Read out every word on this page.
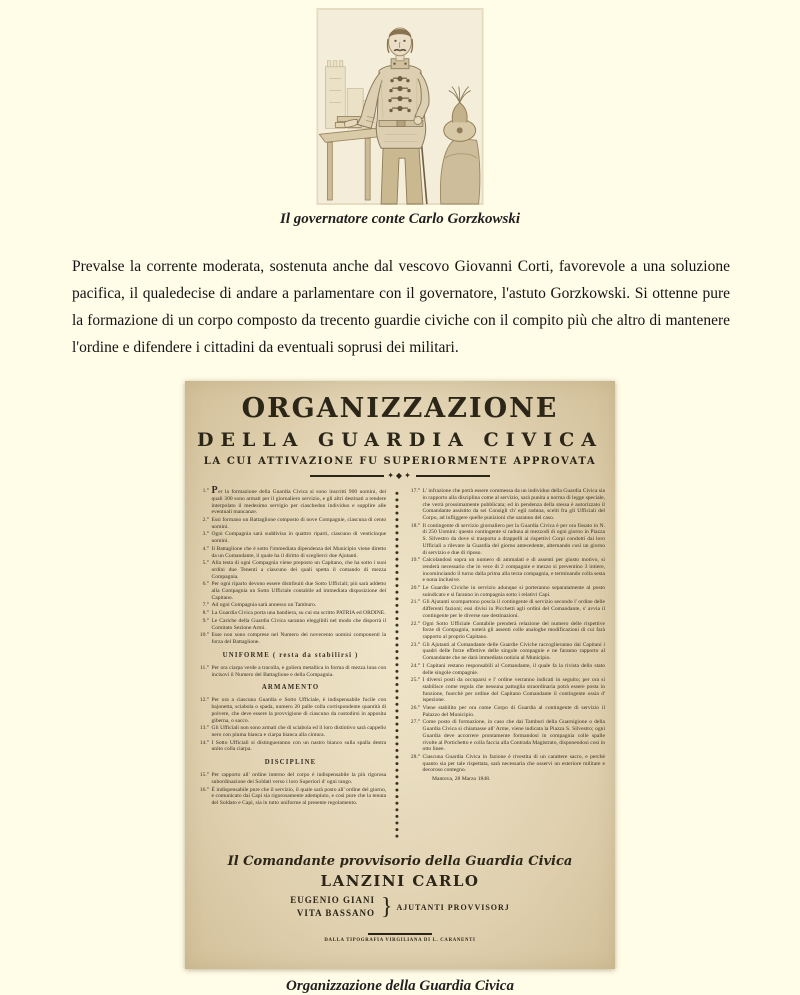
Il governatore conte Carlo Gorzkowski

Prevalse la corrente moderata, sostenuta anche dal vescovo Giovanni Corti, favorevole a una soluzione pacifica, il qualedecise di andare a parlamentare con il governatore, l'astuto Gorzkowski. Si ottenne pure la formazione di un corpo composto da trecento guardie civiche con il compito più che altro di mantenere l'ordine e difendere i cittadini da eventuali soprusi dei militari.

ORGANIZZAZIONE
DELLA GUARDIA CIVICA
LA CUI ATTIVAZIONE FU SUPERIORMENTE APPROVATA
✦◆✦
1.° Per la formazione della Guardia Civica si sono inscritti 900 uomini, dei quali 300 sono armati per il giornaliero servizio, e gli altri destinati a rendere interpolato il medesimo servigio per ciaschedun individuo e supplire alle eventuali mancanze.
2.° Essi formano un Battaglione composto di nove Compagnie, ciascuna di cento uomini.
3.° Ogni Compagnia sarà suddivisa in quattro riparti, ciascuno di venticinque uomini.
4.° Il Battaglione che è sotto l'immediata dipendenza del Municipio viene diretto da un Comandante, il quale ha il diritto di sceglierci due Ajutanti.
5.° Alla testa di ogni Compagnia viene preposto un Capitano, che ha sotto i suoi ordini due Tenenti a ciascuno dei quali spetta il comando di mezza Compagnia.
6.° Per ogni riparto devono essere distribuiti due Sotto Ufficiali; più sarà addetto alla Compagnia un Sotto Ufficiale contabile ad immediata disposizione del Capitano.
7.° Ad ogni Compagnia sarà annesso un Tamburo.
8.° La Guardia Civica porta una bandiera, su cui sta scritto PATRIA ed ORDINE.
9.° Le Cariche della Guardia Civica saranno eleggibili nel modo che disporrà il Comitato Sezione Armi.
10.° Esse non sono comprese nel Numero dei novecento uomini componenti la forza del Battaglione.
UNIFORME ( resta da stabilirsi )
11.° Per ora ciarpa verde a tracolla, e goliera metallica in forma di mezza luna con incisovi il Numero del Battaglione e della Compagnia.
ARMAMENTO
12.° Per ora a ciascuna Guardia e Sotto Ufficiale, è indispensabile fucile con bajonetta, sciabola o spada, numero 20 palle colla corrispondente quantità di polvere, che deve essere la provvigione di ciascuno da custodirsi in apposita giberna, o sacco.
13.° Gli Ufficiali non sono armati che di sciabola ed il loro distintivo sarà cappello nero con piuma bianca e ciarpa bianca alla cintura.
14.° I Sotto Ufficiali si distingueranno con un nastro bianco sulla spalla destra unito colla ciarpa.
DISCIPLINE
15.° Per rapporto all' ordine interno del corpo è indispensabile la più rigorosa subordinazione dei Soldati verso i loro Superiori d' ogni rango.
16.° È indispensabile pure che il servizio, il quale sarà posto all' ordine del giorno, e comunicato dai Capi sia rigorosamente adempiuto, e così pure che la tenuta del Soldato e Capi, sia in tutto uniforme al presente regolamento.
17.° L' infrazione che potrà essere commessa da un individuo della Guardia Civica sia in rapporto alla disciplina come al servizio, sarà punita a norma di legge speciale, che verrà prossimamente pubblicata; ed in pendenza della stessa è autorizzato il Comandante assistito da sei Consigli ch' egli raduna, scelti fra gli Ufficiali del Corpo, ad infliggere quelle punizioni che saranno del caso.
18.° Il contingente di servizio giornaliero per la Guardia Civica è per ora fissato in N. di 250 Uomini: questo contingente si raduna al mezzodì di ogni giorno in Piazza S. Silvestro da dove si trasporta a drappelli ai rispettivi Corpi condotti dai loro Ufficiali a rilevare la Guardia del giorno antecedente, alternando così un giorno di servizio e due di riposo.
19.° Calcolandosi sopra un numero di ammalati e di assenti per giusto motivo, si renderà necessario che in vece di 2 compagnie e mezzo si preventino 3 intiere, incominciando il turno dalla prima alla terza compagnia, e terminando colla sesta e nona inclusive.
20.° Le Guardie Civiche in servizio adunque si porteranno separatamente al posto suindicato e si faranno in compagnia sotto i relativi Capi.
21.° Gli Ajutanti scompartono poscia il contingente di servizio secondo l' ordine delle differenti fazioni; essi divisi in Picchetti agli ordini del Comandante, s' avvia il contingente per le diverse sue destinazioni.
22.° Ogni Sotto Ufficiale Contabile prenderà relazione del numero delle rispettive forze di Compagnia, noterà gli assenti colle analoghe modificazioni di cui farà rapporto al proprio Capitano.
23.° Gli Ajutanti al Comandante delle Guardie Civiche raccoglieranno dai Capitani i quadri delle forze effettive delle singole compagnie e ne faranno rapporto al Comandante che ne darà immediata notizia al Municipio.
24.° I Capitani restano responsabili al Comandante, il quale fa la rivista dello stato delle singole compagnie.
25.° I diversi posti da occuparsi e l' ordine verranno indicati in seguito; per ora si stabilisce come regola che nessuna pattuglia straordinaria potrà essere posta in funzione, fuorchè per ordine del Capitano Comandante il contingente ossia d' ispezione.
26.° Viene stabilito per ora come Corpo di Guardia al contingente di servizio il Palazzo del Municipio.
27.° Come posto di formazione, in caso che dai Tamburi della Guarnigione o della Guardia Civica si chiamasse all' Arme, viene indicata la Piazza S. Silvestro; ogni Guardia deve accorrere prontamente formandosi in compagnia colle spalle rivolte al Portichetto e colla faccia alla Contrada Magistrato, disponendosi così in otto linee.
28.° Ciascuna Guardia Civica in fazione è rivestita di un carattere sacro, e perchè quanto sia per tale rispettata, sarà necessaria che osservi un esteriore militare e decoroso contegno.
Mantova, 28 Marzo 1848.
Il Comandante provvisorio della Guardia Civica
LANZINI CARLO
EUGENIO GIANI
VITA BASSANO } AJUTANTI PROVVISORJ
DALLA TIPOGRAFIA VIRGILIANA DI L. CARANENTI
Organizzazione della Guardia Civica
